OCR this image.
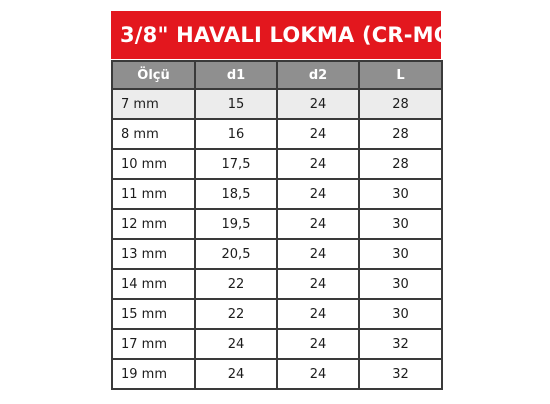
3/8" HAVALI LOKMA (CR-MO)
Ölçü	d1	d2	L
7 mm	15	24	28
8 mm	16	24	28
10 mm	17,5	24	28
11 mm	18,5	24	30
12 mm	19,5	24	30
13 mm	20,5	24	30
14 mm	22	24	30
15 mm	22	24	30
17 mm	24	24	32
19 mm	24	24	32
